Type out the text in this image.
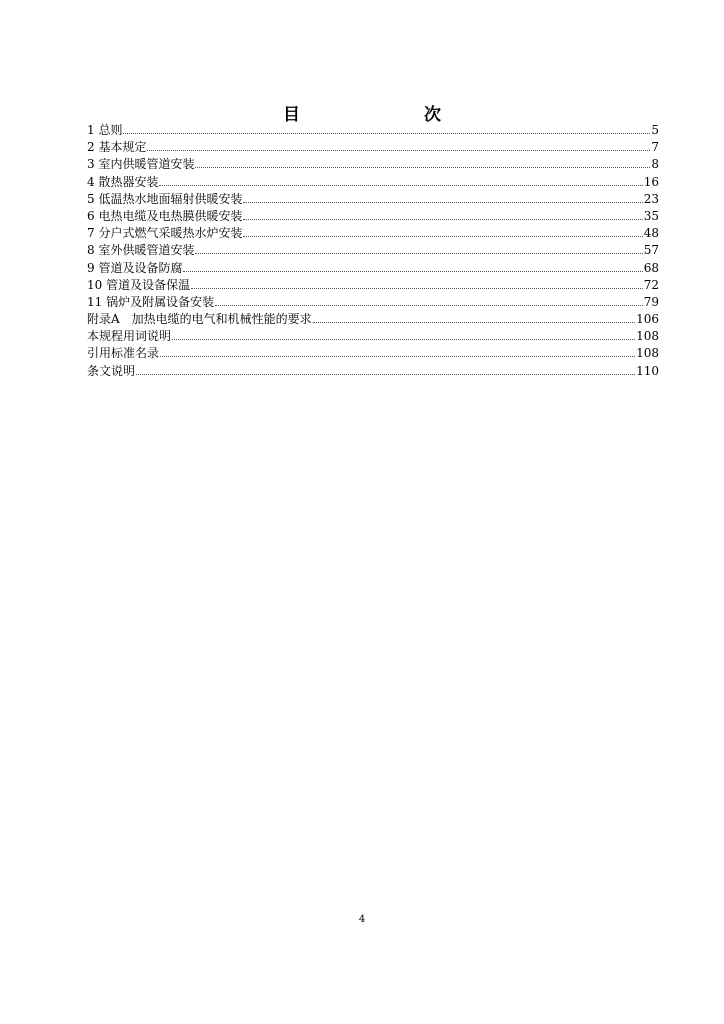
目　　次
1 总则	5
2 基本规定	7
3 室内供暖管道安装	8
4 散热器安装	16
5 低温热水地面辐射供暖安装	23
6 电热电缆及电热膜供暖安装	35
7 分户式燃气采暖热水炉安装	48
8 室外供暖管道安装	57
9 管道及设备防腐	68
10 管道及设备保温	72
11 锅炉及附属设备安装	79
附录A　加热电缆的电气和机械性能的要求	106
本规程用词说明	108
引用标准名录	108
条文说明	110
4
